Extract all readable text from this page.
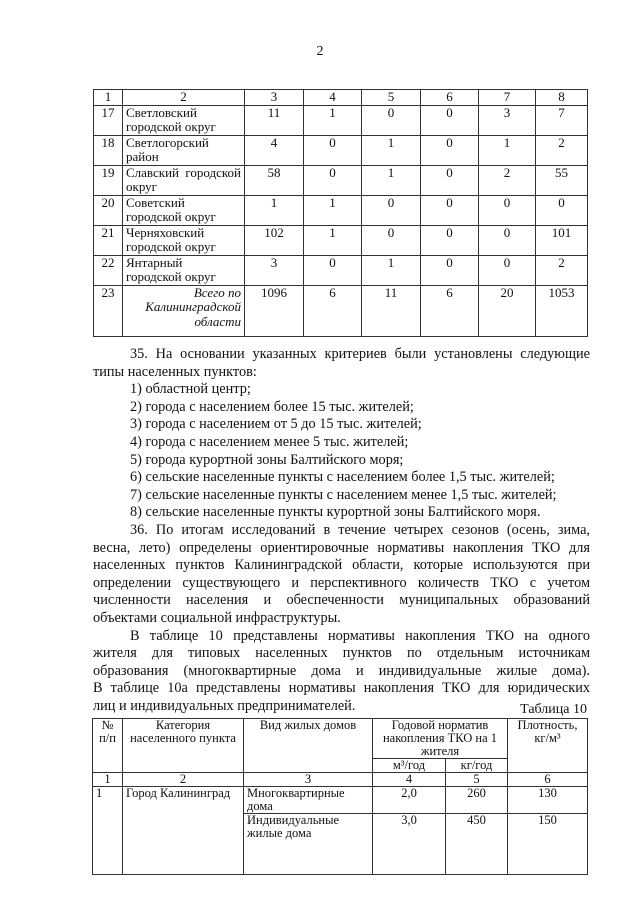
2
1	2	3	4	5	6	7	8
17	Светловский городской округ	11	1	0	0	3	7
18	Светлогорский район	4	0	1	0	1	2
19	Славский городской округ	58	0	1	0	2	55
20	Советский городской округ	1	1	0	0	0	0
21	Черняховский городской округ	102	1	0	0	0	101
22	Янтарный городской округ	3	0	1	0	0	2
23	Всего по Калининградской области	1096	6	11	6	20	1053
35. На основании указанных критериев были установлены следующие
типы населенных пунктов:
1) областной центр;
2) города с населением более 15 тыс. жителей;
3) города с населением от 5 до 15 тыс. жителей;
4) города с населением менее 5 тыс. жителей;
5) города курортной зоны Балтийского моря;
6) сельские населенные пункты с населением более 1,5 тыс. жителей;
7) сельские населенные пункты с населением менее 1,5 тыс. жителей;
8) сельские населенные пункты курортной зоны Балтийского моря.
36. По итогам исследований в течение четырех сезонов (осень, зима,
весна, лето) определены ориентировочные нормативы накопления ТКО для
населенных пунктов Калининградской области, которые используются при
определении существующего и перспективного количеств ТКО с учетом
численности населения и обеспеченности муниципальных образований
объектами социальной инфраструктуры.
В таблице 10 представлены нормативы накопления ТКО на одного
жителя для типовых населенных пунктов по отдельным источникам
образования (многоквартирные дома и индивидуальные жилые дома).
В таблице 10а представлены нормативы накопления ТКО для юридических
лиц и индивидуальных предпринимателей.	Таблица 10
№ п/п	Категория населенного пункта	Вид жилых домов	Годовой норматив накопления ТКО на 1 жителя		Плотность, кг/м³
			м³/год	кг/год	
1	2	3	4	5	6
1	Город Калининград	Многоквартирные дома	2,0	260	130
		Индивидуальные жилые дома	3,0	450	150
